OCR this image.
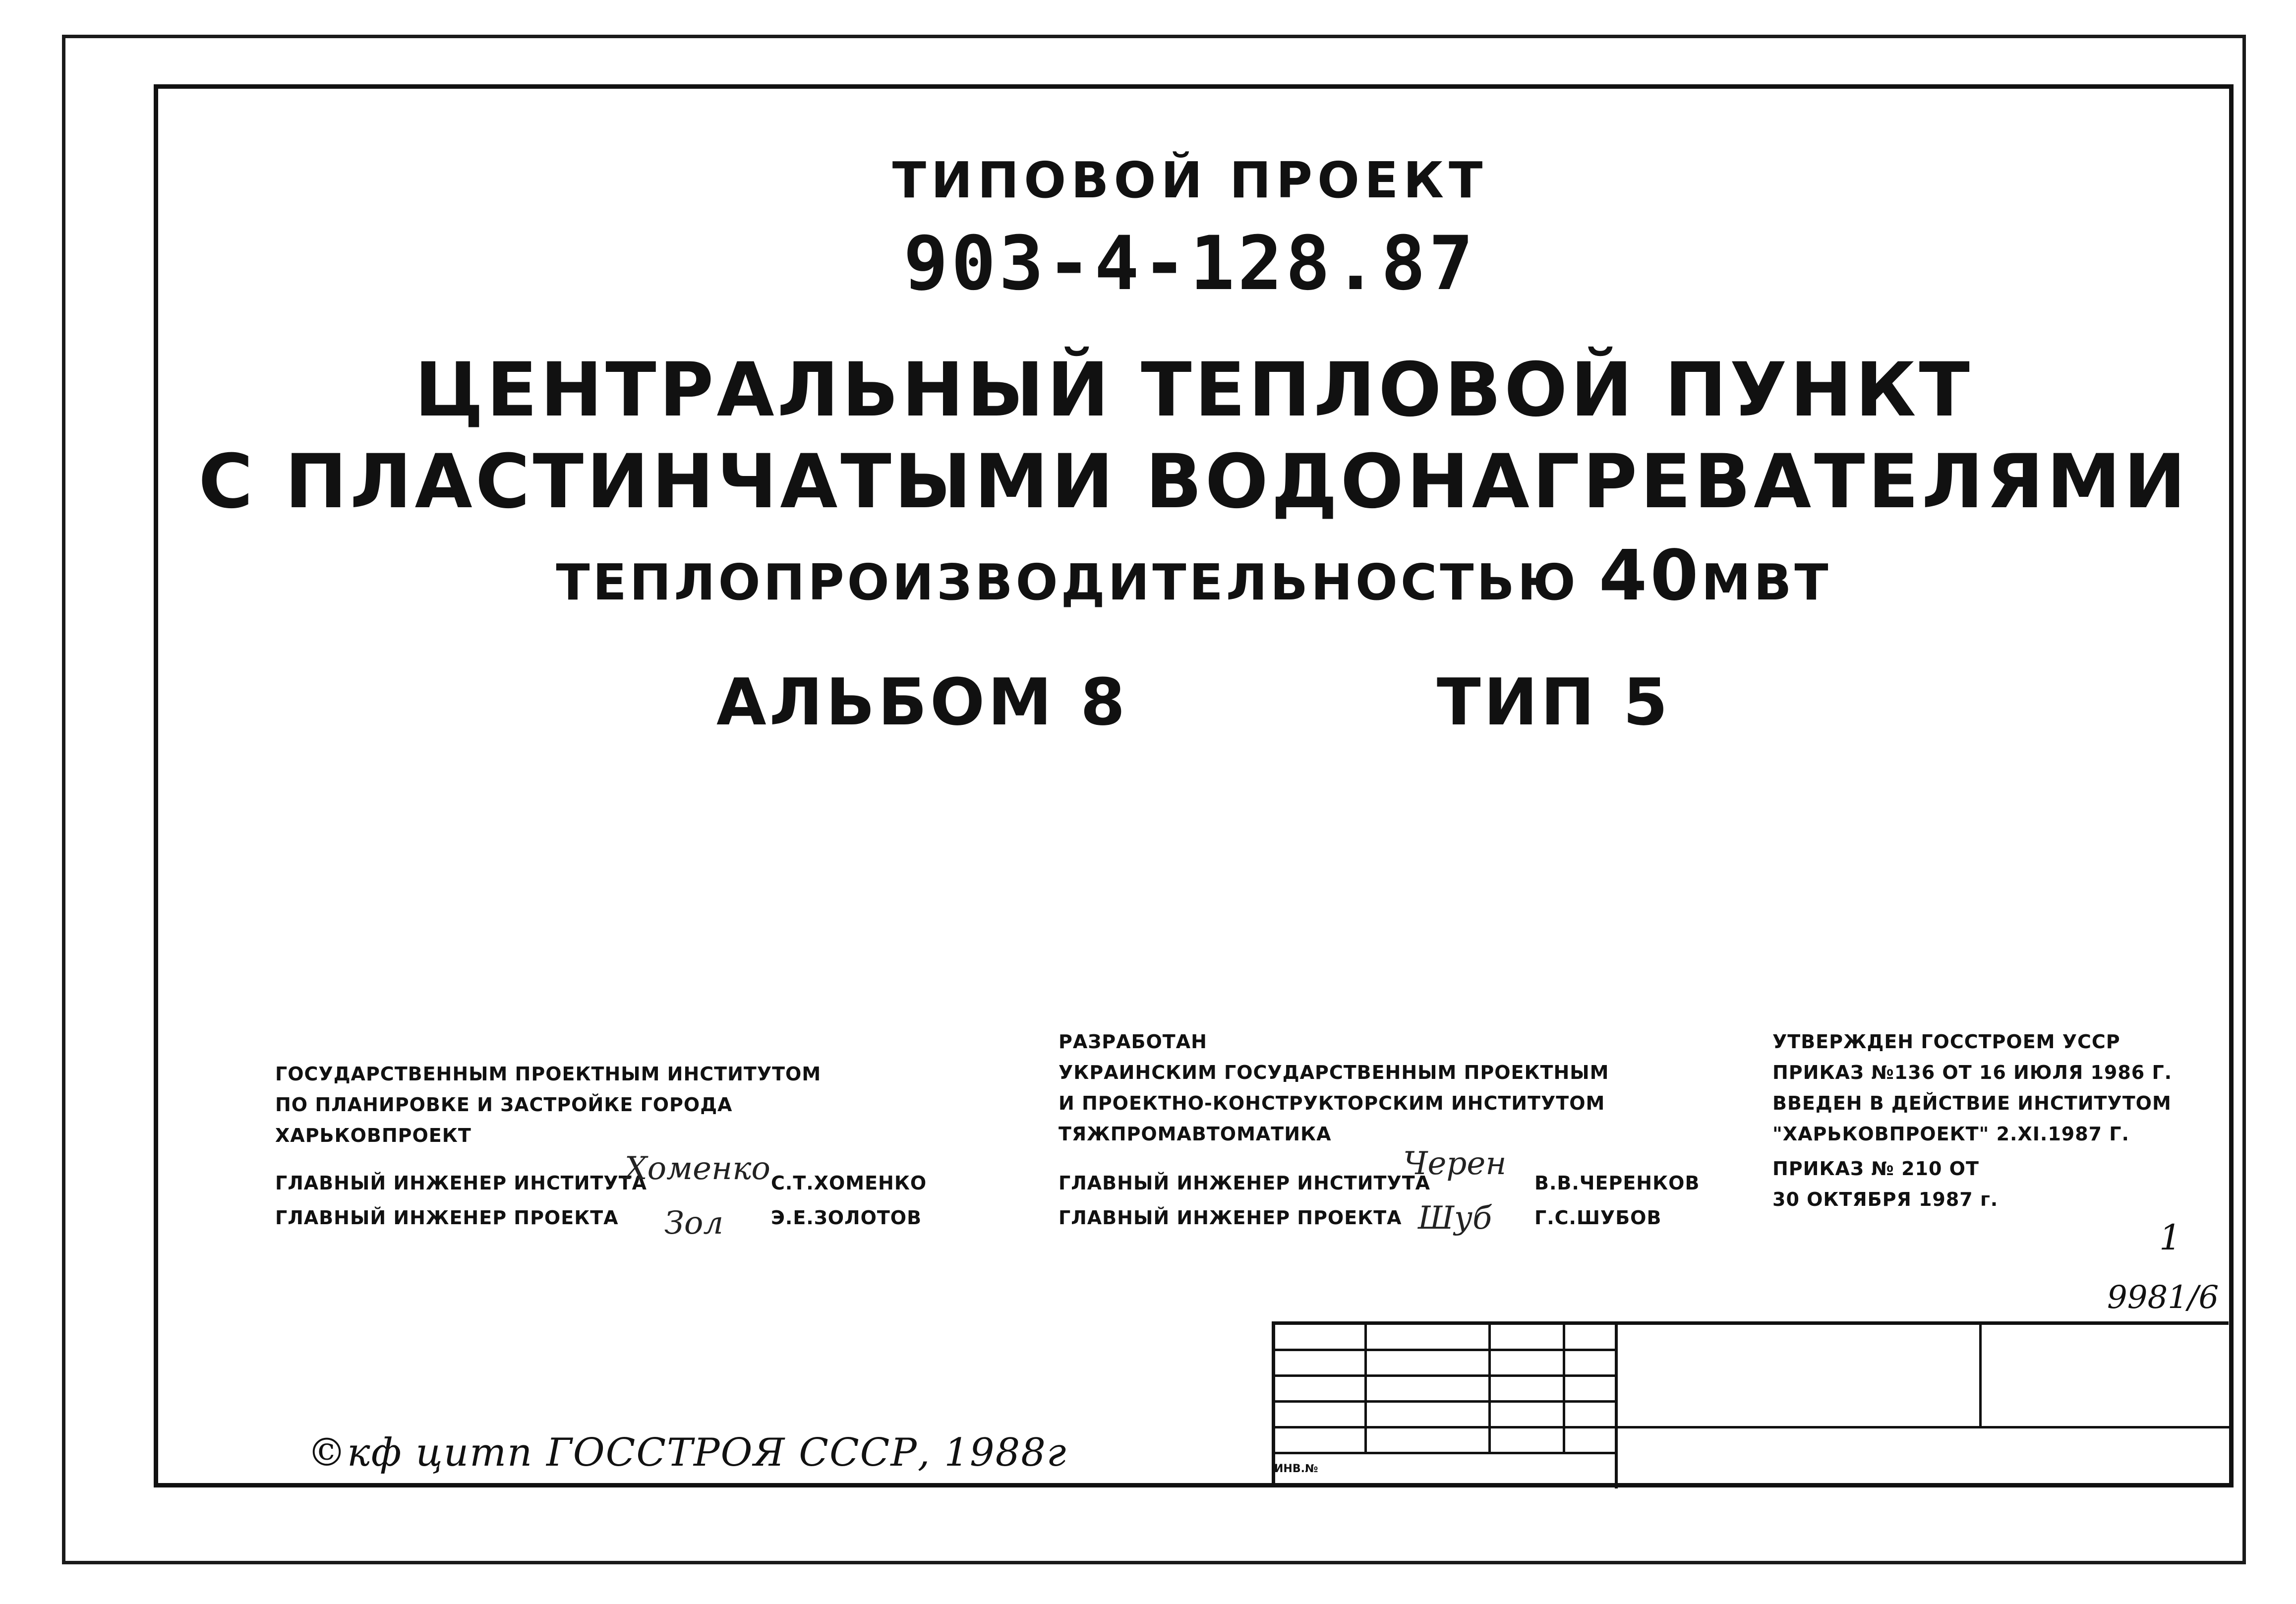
ТИПОВОЙ ПРОЕКТ
903-4-128.87
ЦЕНТРАЛЬНЫЙ ТЕПЛОВОЙ ПУНКТ
С ПЛАСТИНЧАТЫМИ ВОДОНАГРЕВАТЕЛЯМИ
ТЕПЛОПРОИЗВОДИТЕЛЬНОСТЬЮ 40МВТ
АЛЬБОМ 8	ТИП 5
ГОСУДАРСТВЕННЫМ ПРОЕКТНЫМ ИНСТИТУТОМ
ПО ПЛАНИРОВКЕ И ЗАСТРОЙКЕ ГОРОДА
ХАРЬКОВПРОЕКТ
ГЛАВНЫЙ ИНЖЕНЕР ИНСТИТУТА	С.Т.ХОМЕНКО
ГЛАВНЫЙ ИНЖЕНЕР ПРОЕКТА	Э.Е.ЗОЛОТОВ
Хоменко
Зол
РАЗРАБОТАН
УКРАИНСКИМ ГОСУДАРСТВЕННЫМ ПРОЕКТНЫМ
И ПРОЕКТНО-КОНСТРУКТОРСКИМ ИНСТИТУТОМ
ТЯЖПРОМАВТОМАТИКА
ГЛАВНЫЙ ИНЖЕНЕР ИНСТИТУТА	В.В.ЧЕРЕНКОВ
ГЛАВНЫЙ ИНЖЕНЕР ПРОЕКТА	Г.С.ШУБОВ
Черен
Шуб
УТВЕРЖДЕН ГОССТРОЕМ УССР
ПРИКАЗ №136 ОТ 16 ИЮЛЯ 1986 Г.
ВВЕДЕН В ДЕЙСТВИЕ ИНСТИТУТОМ
"ХАРЬКОВПРОЕКТ" 2.XI.1987 Г.
ПРИКАЗ № 210 ОТ
30 ОКТЯБРЯ 1987 г.
1
9981/6
ИНВ.№
©кф цитп ГОССТРОЯ СССР, 1988г
